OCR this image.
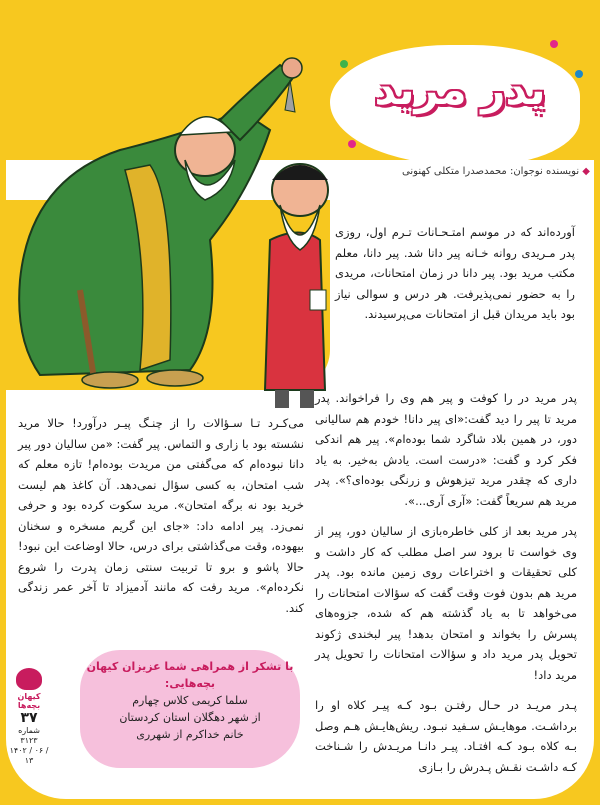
پدر مرید
◆ نویسنده نوجوان: محمدصدرا متکلی کهنونی

آورده‌اند که در موسم امتـحـانات تـرم اول، روزی پدر مـریدی روانه خـانه پیر دانا شد. پیر دانا، معلم مکتب مرید بود. پیر دانا در زمان امتحانات، مریدی را به حضور نمی‌پذیرفت. هر درس و سوالی نیاز بود باید مریدان قبل از امتحانات می‌پرسیدند.

پدر مرید در را کوفت و پیر هم وی را فراخواند. پدر مرید تا پیر را دید گفت:«ای پیر دانا! خودم هم سالیانی دور، در همین بلاد شاگرد شما بوده‌ام». پیر هم اندکی فکر کرد و گفت: «درست است. یادش به‌خیر. به یاد داری که چقدر مرید تیزهوش و زرنگی بوده‌ای؟». پدر مرید هم سریعاً گفت: «آری آری...».

پدر مرید بعد از کلی خاطره‌بازی از سالیان دور، پیر از وی خواست تا برود سر اصل مطلب که کار داشت و کلی تحقیقات و اختراعات روی زمین مانده بود. پدر مرید هم بدون فوت وقت گفت که سؤالات امتحانات را می‌خواهد تا به یاد گذشته هم که شده، جزوه‌های پسرش را بخواند و امتحان بدهد! پیر لبخندی ژکوند تحویل پدر مرید داد و سؤالات امتحانات را تحویل پدر مرید داد!

پـدر مریـد در حـال رفتـن بـود کـه پیـر کلاه او را برداشـت. موهایـش سـفید نبـود. ریش‌هایـش هـم وصل بـه کلاه بـود کـه افتـاد. پیـر دانـا مریـدش را شـناخت کـه داشـت نقـش پـدرش را بـازی

می‌کـرد تـا سـؤالات را از چنـگ پیـر درآورد! حالا مرید نشسته بود با زاری و التماس. پیر گفت: «من سالیان دور پیر دانا نبوده‌ام که می‌گفتی من مریدت بوده‌ام! تازه معلم که شب امتحان، به کسی سؤال نمی‌دهد. آن کاغذ هم لیست خرید بود نه برگه امتحان». مرید سکوت کرده بود و حرفی نمی‌زد. پیر ادامه داد: «جای این گریم مسخره و سخنان بیهوده، وقت می‌گذاشتی برای درس، حالا اوضاعت این نبود! حالا پاشو و برو تا تربیت سنتی زمان پدرت را شروع نکرده‌ام». مرید رفت که مانند آدمیزاد تا آخر عمر زندگی کند.

با تشکر از همراهی شما عزیزان کیهان بچه‌هایی:
سلما کریمی کلاس چهارم
از شهر دهگلان استان کردستان
خانم خداکرم از شهرری
کیهان بچه‌ها
۳۷
شماره
۳۱۲۳
۱۴۰۲ / ۰۶ / ۱۳
